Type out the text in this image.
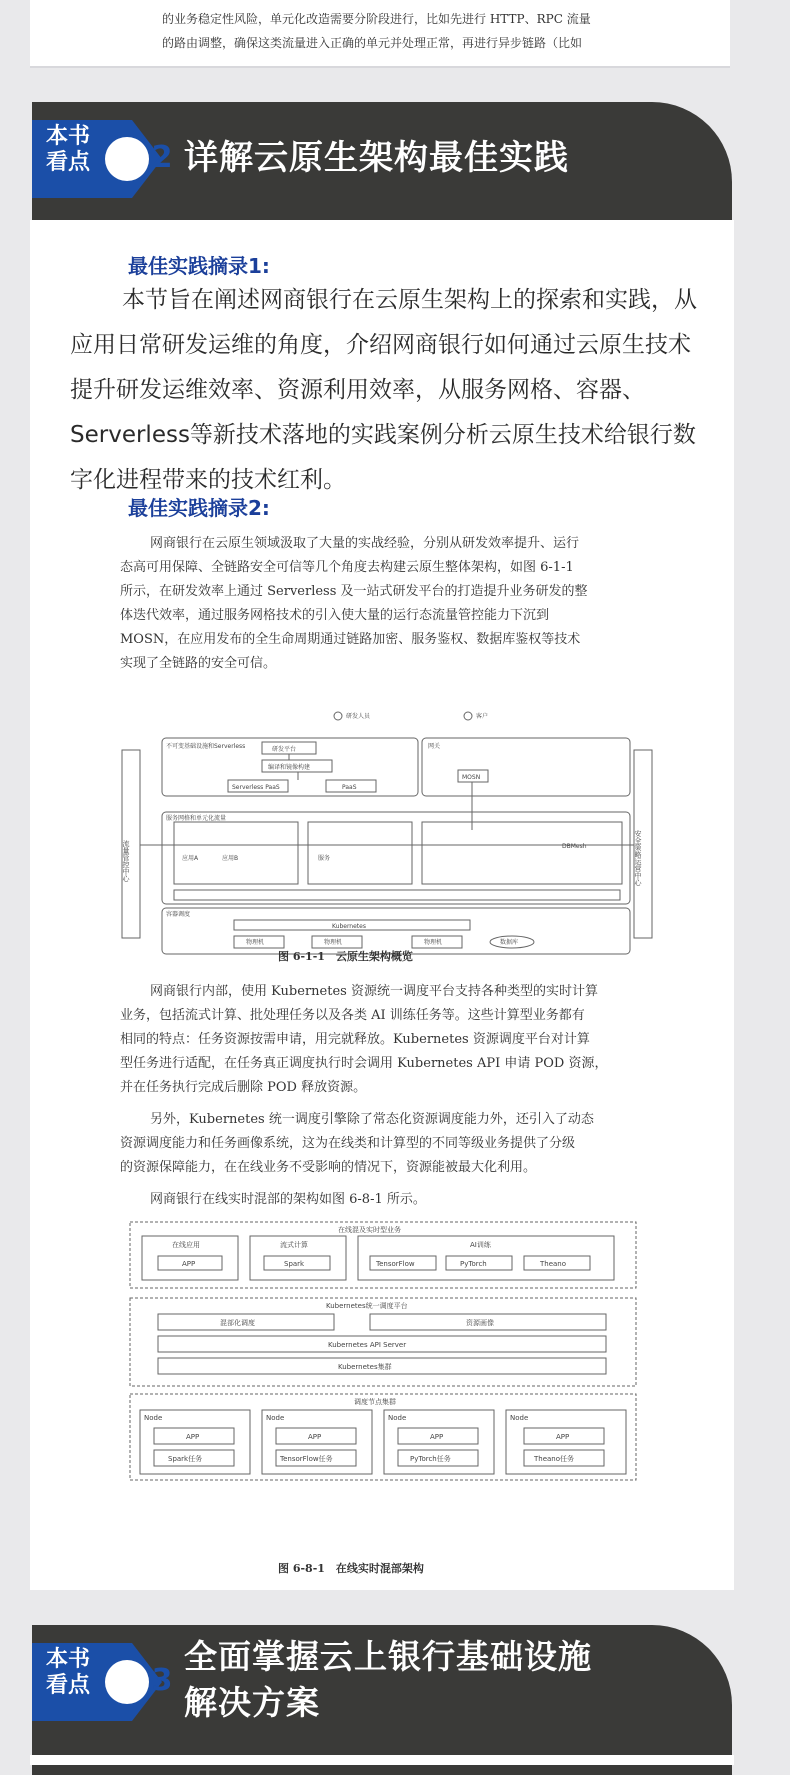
的业务稳定性风险，单元化改造需要分阶段进行，比如先进行 HTTP、RPC 流量
的路由调整，确保这类流量进入正确的单元并处理正常，再进行异步链路（比如
本书
看点 2 详解云原生架构最佳实践
最佳实践摘录1:
本节旨在阐述网商银行在云原生架构上的探索和实践，从应用日常研发运维的角度，介绍网商银行如何通过云原生技术提升研发运维效率、资源利用效率，从服务网格、容器、Serverless等新技术落地的实践案例分析云原生技术给银行数字化进程带来的技术红利。
最佳实践摘录2:
网商银行在云原生领域汲取了大量的实战经验，分别从研发效率提升、运行
态高可用保障、全链路安全可信等几个角度去构建云原生整体架构，如图 6-1-1
所示，在研发效率上通过 Serverless 及一站式研发平台的打造提升业务研发的整
体迭代效率，通过服务网格技术的引入使大量的运行态流量管控能力下沉到
MOSN，在应用发布的全生命周期通过链路加密、服务鉴权、数据库鉴权等技术
实现了全链路的安全可信。
研发人员	客户
不可变基础设施和Serverless	研发平台
编译和镜像构建
Serverless PaaS	PaaS
网关
MOSN
服务网格和单元化流量
应用A	应用B	服务
DBMesh
容器调度
Kubernetes
物理机	物理机	物理机	数据库
流量管控中心	安全策略运营中心
图 6-1-1　云原生架构概览
网商银行内部，使用 Kubernetes 资源统一调度平台支持各种类型的实时计算
业务，包括流式计算、批处理任务以及各类 AI 训练任务等。这些计算型业务都有
相同的特点：任务资源按需申请，用完就释放。Kubernetes 资源调度平台对计算
型任务进行适配，在任务真正调度执行时会调用 Kubernetes API 申请 POD 资源，
并在任务执行完成后删除 POD 释放资源。
另外，Kubernetes 统一调度引擎除了常态化资源调度能力外，还引入了动态
资源调度能力和任务画像系统，这为在线类和计算型的不同等级业务提供了分级
的资源保障能力，在在线业务不受影响的情况下，资源能被最大化利用。
网商银行在线实时混部的架构如图 6-8-1 所示。
在线混及实时型业务
在线应用
APP
流式计算
Spark
AI训练
TensorFlow	PyTorch	Theano
Kubernetes统一调度平台
混部化调度	资源画像
Kubernetes API Server
Kubernetes集群
调度节点集群
Node	Node	Node	Node
APP	APP	APP	APP
Spark任务	TensorFlow任务	PyTorch任务	Theano任务
图 6-8-1　在线实时混部架构
本书
看点 3
全面掌握云上银行基础设施
解决方案
